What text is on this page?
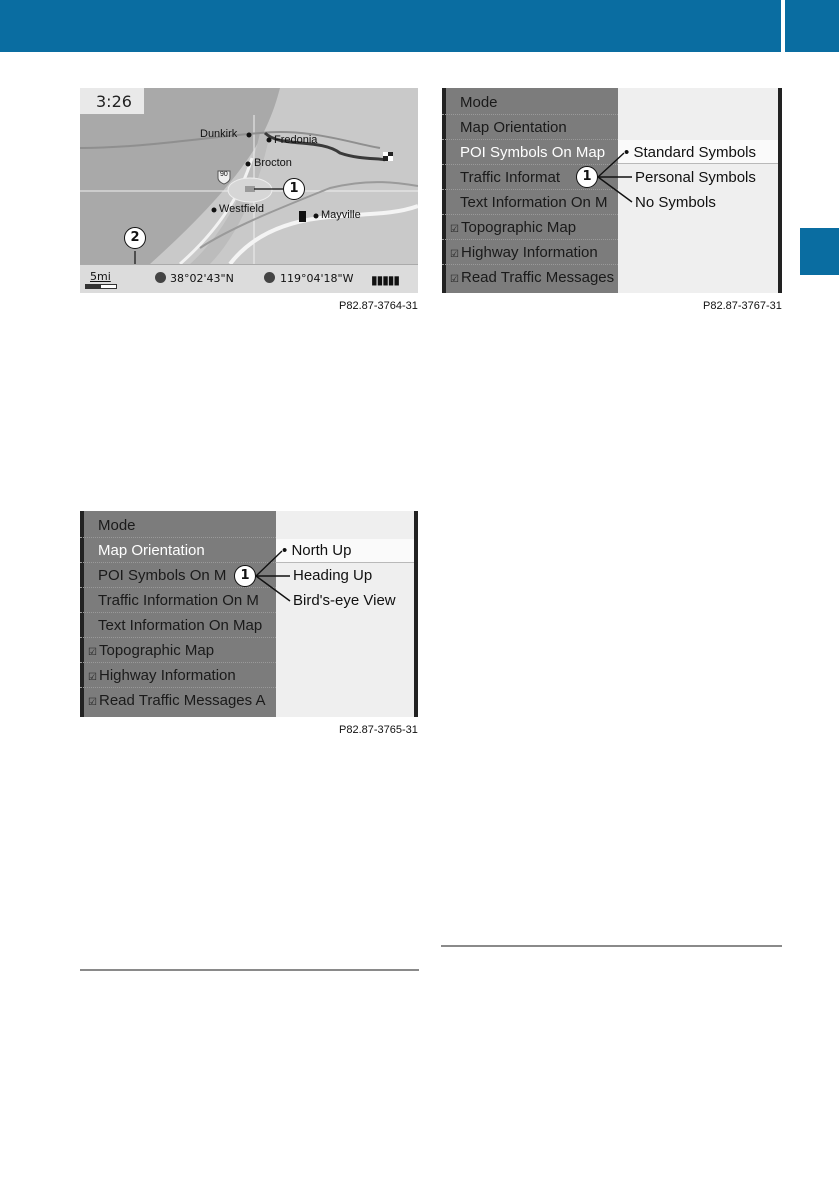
3:26
Dunkirk	Fredonia
Brocton
Westfield	Mayville
90
1
2
5mi	38°02'43"N	119°04'18"W ▮▮▮▮▮
P82.87-3764-31
Mode
Map Orientation
POI Symbols On M
Traffic Information On M
Text Information On Map
☑ Topographic Map
☑ Highway Information
☑ Read Traffic Messages A
• North Up
Heading Up
Bird's-eye View
1
P82.87-3765-31
Mode
Map Orientation
POI Symbols On Map
Traffic Informat
Text Information On M
☑ Topographic Map
☑ Highway Information
☑ Read Traffic Messages
• Standard Symbols
Personal Symbols
No Symbols
1
P82.87-3767-31
